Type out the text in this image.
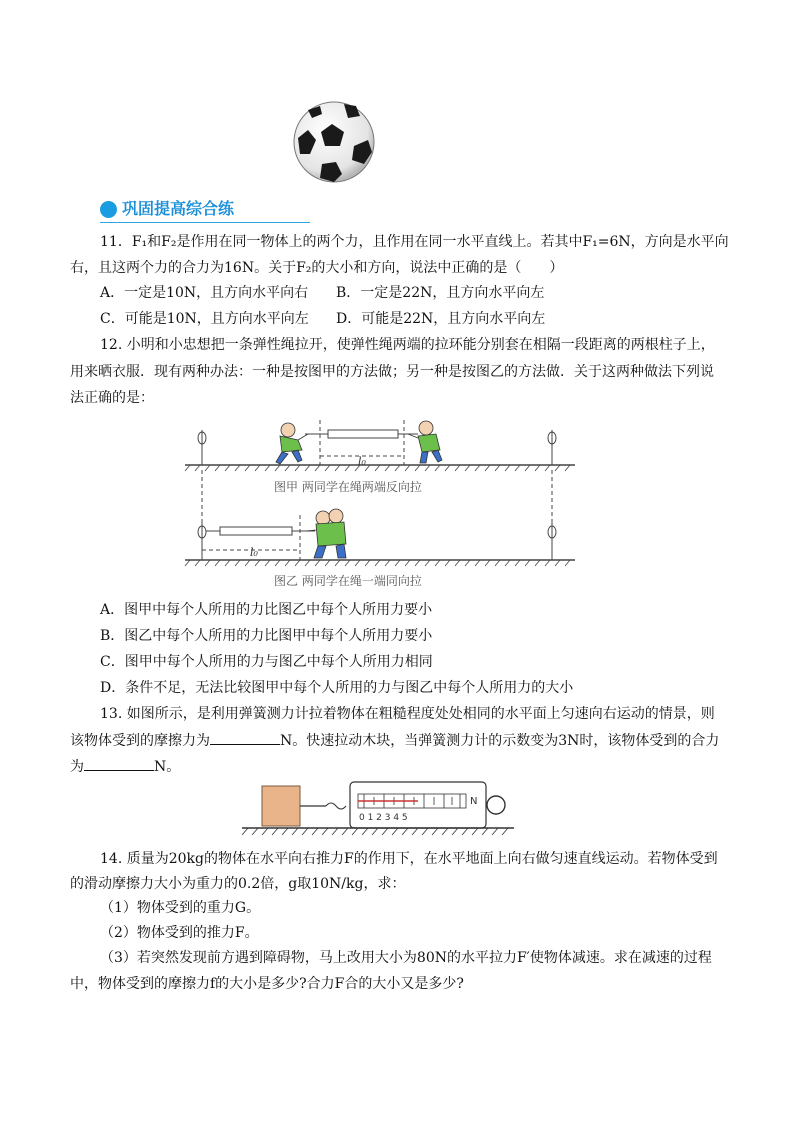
巩固提高综合练
11．F₁和F₂是作用在同一物体上的两个力，且作用在同一水平直线上。若其中F₁=6N，方向是水平向
右，且这两个力的合力为16N。关于F₂的大小和方向，说法中正确的是（　　）
A．一定是10N，且方向水平向右 B．一定是22N，且方向水平向左
C．可能是10N，且方向水平向左 D．可能是22N，且方向水平向左
12. 小明和小忠想把一条弹性绳拉开，使弹性绳两端的拉环能分别套在相隔一段距离的两根柱子上，
用来晒衣服．现有两种办法：一种是按图甲的方法做；另一种是按图乙的方法做．关于这两种做法下列说
法正确的是：
l₀
l₀
图甲 两同学在绳两端反向拉
图乙 两同学在绳一端同向拉
A．图甲中每个人所用的力比图乙中每个人所用力要小
B．图乙中每个人所用的力比图甲中每个人所用力要小
C．图甲中每个人所用的力与图乙中每个人所用力相同
D．条件不足，无法比较图甲中每个人所用的力与图乙中每个人所用力的大小
13. 如图所示，是利用弹簧测力计拉着物体在粗糙程度处处相同的水平面上匀速向右运动的情景，则
该物体受到的摩擦力为	N。快速拉动木块，当弹簧测力计的示数变为3N时，该物体受到的合力
为	N。
0 1 2 3 4 5
N
14. 质量为20kg的物体在水平向右推力F的作用下，在水平地面上向右做匀速直线运动。若物体受到
的滑动摩擦力大小为重力的0.2倍，g取10N/kg，求：
（1）物体受到的重力G。
（2）物体受到的推力F。
（3）若突然发现前方遇到障碍物，马上改用大小为80N的水平拉力F′使物体减速。求在减速的过程
中，物体受到的摩擦力f的大小是多少?合力F合的大小又是多少?
